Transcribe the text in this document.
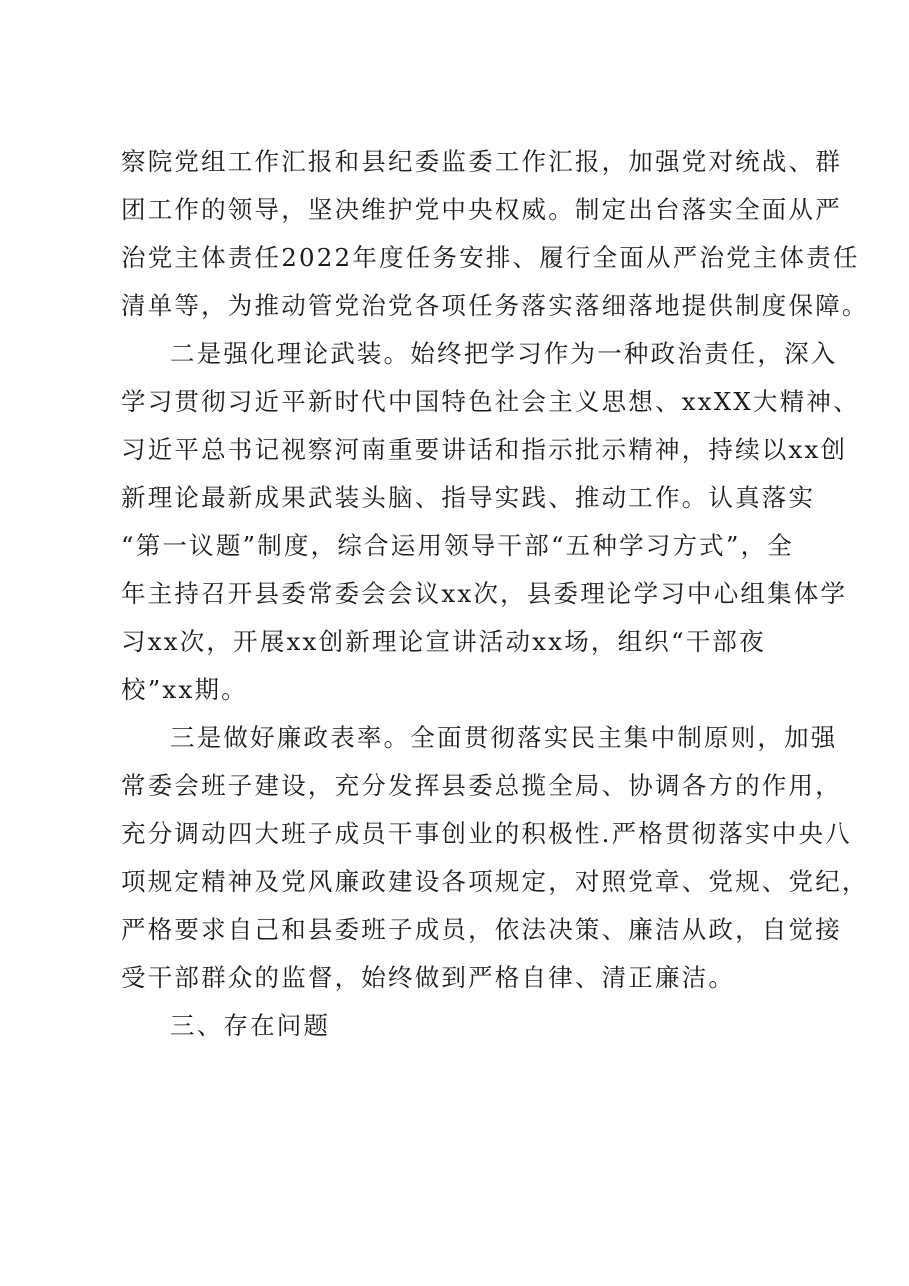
察院党组工作汇报和县纪委监委工作汇报，加强党对统战、群
团工作的领导，坚决维护党中央权威。制定出台落实全面从严
治党主体责任2022年度任务安排、履行全面从严治党主体责任
清单等，为推动管党治党各项任务落实落细落地提供制度保障。
二是强化理论武装。始终把学习作为一种政治责任，深入
学习贯彻习近平新时代中国特色社会主义思想、xxXX大精神、
习近平总书记视察河南重要讲话和指示批示精神，持续以xx创
新理论最新成果武装头脑、指导实践、推动工作。认真落实
“第一议题”制度，综合运用领导干部“五种学习方式”，全
年主持召开县委常委会会议xx次，县委理论学习中心组集体学
习xx次，开展xx创新理论宣讲活动xx场，组织“干部夜
校”xx期。
三是做好廉政表率。全面贯彻落实民主集中制原则，加强
常委会班子建设，充分发挥县委总揽全局、协调各方的作用，
充分调动四大班子成员干事创业的积极性.严格贯彻落实中央八
项规定精神及党风廉政建设各项规定，对照党章、党规、党纪，
严格要求自己和县委班子成员，依法决策、廉洁从政，自觉接
受干部群众的监督，始终做到严格自律、清正廉洁。
三、存在问题
